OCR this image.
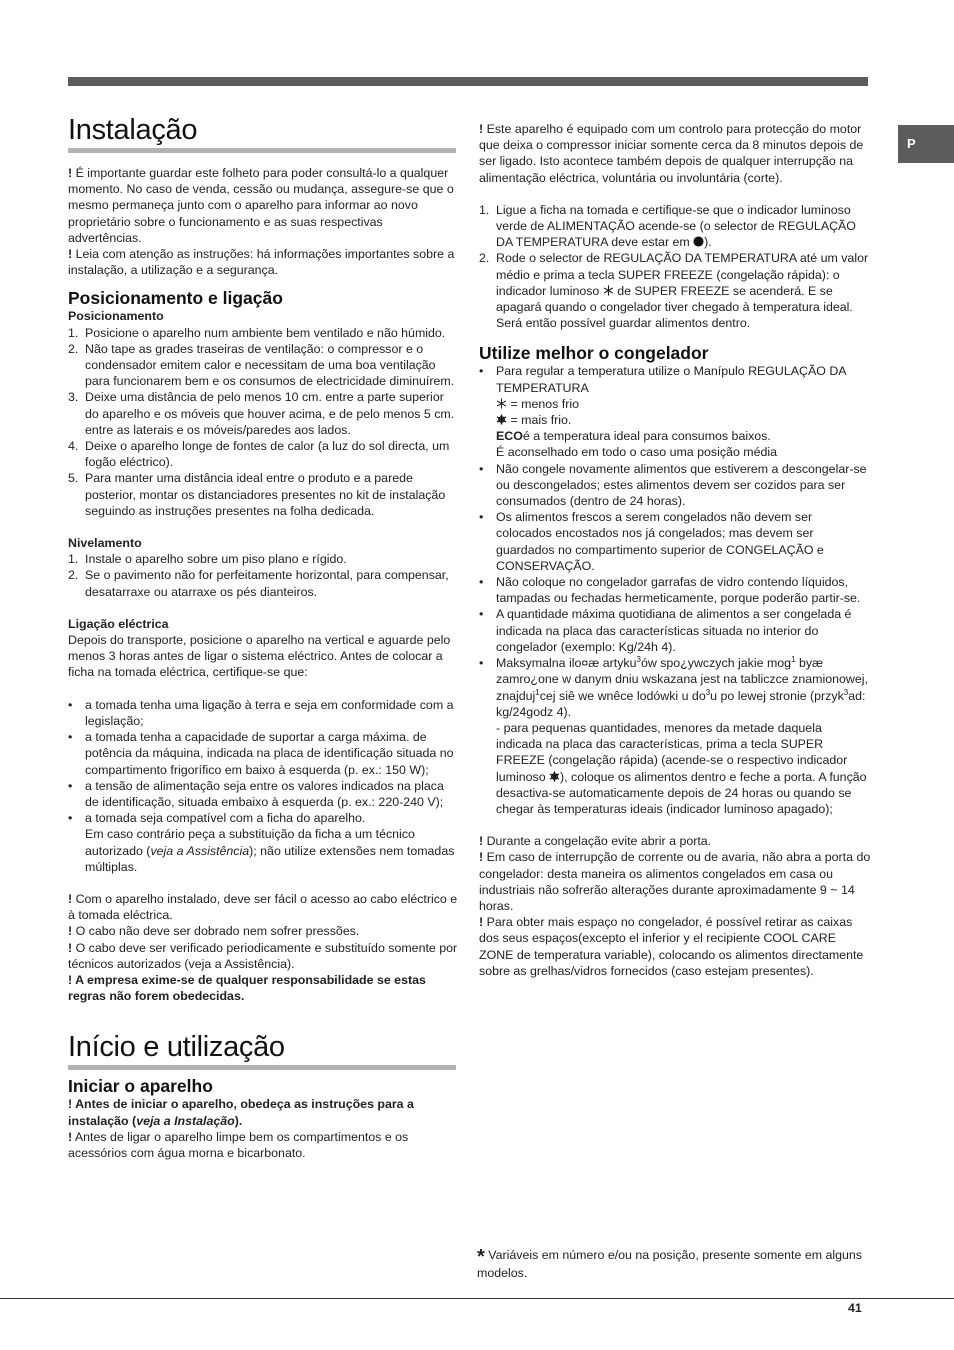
P
Instalação

! É importante guardar este folheto para poder consultá-lo a qualquer momento. No caso de venda, cessão ou mudança, assegure-se que o mesmo permaneça junto com o aparelho para informar ao novo proprietário sobre o funcionamento e as suas respectivas advertências.

! Leia com atenção as instruções: há informações importantes sobre a instalação, a utilização e a segurança.

Posicionamento e ligação

Posicionamento

1. Posicione o aparelho num ambiente bem ventilado e não húmido.
2. Não tape as grades traseiras de ventilação: o compressor e o condensador emitem calor e necessitam de uma boa ventilação para funcionarem bem e os consumos de electricidade diminuírem.
3. Deixe uma distância de pelo menos 10 cm. entre a parte superior do aparelho e os móveis que houver acima, e de pelo menos 5 cm. entre as laterais e os móveis/paredes aos lados.
4. Deixe o aparelho longe de fontes de calor (a luz do sol directa, um fogão eléctrico).
5. Para manter uma distância ideal entre o produto e a parede posterior, montar os distanciadores presentes no kit de instalação seguindo as instruções presentes na folha dedicada.

Nivelamento

1. Instale o aparelho sobre um piso plano e rígido.
2. Se o pavimento não for perfeitamente horizontal, para compensar, desatarraxe ou atarraxe os pés dianteiros.

Ligação eléctrica

Depois do transporte, posicione o aparelho na vertical e aguarde pelo menos 3 horas antes de ligar o sistema eléctrico. Antes de colocar a ficha na tomada eléctrica, certifique-se que:

• a tomada tenha uma ligação à terra e seja em conformidade com a legislação;
• a tomada tenha a capacidade de suportar a carga máxima. de potência da máquina, indicada na placa de identificação situada no compartimento frigorífico em baixo à esquerda (p. ex.: 150 W);
• a tensão de alimentação seja entre os valores indicados na placa de identificação, situada embaixo à esquerda (p. ex.: 220-240 V);
• a tomada seja compatível com a ficha do aparelho.
Em caso contrário peça a substituição da ficha a um técnico autorizado (veja a Assistência); não utilize extensões nem tomadas múltiplas.

! Com o aparelho instalado, deve ser fácil o acesso ao cabo eléctrico e à tomada eléctrica.

! O cabo não deve ser dobrado nem sofrer pressões.

! O cabo deve ser verificado periodicamente e substituído somente por técnicos autorizados (veja a Assistência).

! A empresa exime-se de qualquer responsabilidade se estas regras não forem obedecidas.

Início e utilização
Iniciar o aparelho

! Antes de iniciar o aparelho, obedeça as instruções para a instalação (veja a Instalação).

! Antes de ligar o aparelho limpe bem os compartimentos e os acessórios com água morna e bicarbonato.

! Este aparelho é equipado com um controlo para protecção do motor que deixa o compressor iniciar somente cerca da 8 minutos depois de ser ligado. Isto acontece também depois de qualquer interrupção na alimentação eléctrica, voluntária ou involuntária (corte).

1. Ligue a ficha na tomada e certifique-se que o indicador luminoso verde de ALIMENTAÇÃO acende-se (o selector de REGULAÇÃO DA TEMPERATURA deve estar em ).
2. Rode o selector de REGULAÇÃO DA TEMPERATURA até um valor médio e prima a tecla SUPER FREEZE (congelação rápida): o indicador luminoso  de SUPER FREEZE se acenderá. E se apagará quando o congelador tiver chegado à temperatura ideal. Será então possível guardar alimentos dentro.
Utilize melhor o congelador
• Para regular a temperatura utilize o Manípulo REGULAÇÃO DA TEMPERATURA
= menos frio
= mais frio.
ECOé a temperatura ideal para consumos baixos.
É aconselhado em todo o caso uma posição média
• Não congele novamente alimentos que estiverem a descongelar-se ou descongelados; estes alimentos devem ser cozidos para ser consumados (dentro de 24 horas).
• Os alimentos frescos a serem congelados não devem ser colocados encostados nos já congelados; mas devem ser guardados no compartimento superior de CONGELAÇÃO e CONSERVAÇÃO.
• Não coloque no congelador garrafas de vidro contendo líquidos, tampadas ou fechadas hermeticamente, porque poderão partir-se.
• A quantidade máxima quotidiana de alimentos a ser congelada é indicada na placa das características situada no interior do congelador (exemplo: Kg/24h 4).
• Maksymalna ilo¤æ artyku$^3$ów spo¿ywczych jakie mog$^1$ byæ zamro¿one w danym dniu wskazana jest na tabliczce znamionowej, znajduj$^1$cej siê we wnêce lodówki u $do^3u$ po lewej stronie (przyk$^3$ad: kg/24godz 4).
- para pequenas quantidades, menores da metade daquela indicada na placa das características, prima a tecla SUPER FREEZE (congelação rápida) (acende-se o respectivo indicador luminoso ), coloque os alimentos dentro e feche a porta. A função desactiva-se automaticamente depois de 24 horas ou quando se chegar às temperaturas ideais (indicador luminoso apagado);

! Durante a congelação evite abrir a porta.

! Em caso de interrupção de corrente ou de avaria, não abra a porta do congelador: desta maneira os alimentos congelados em casa ou industriais não sofrerão alterações durante aproximadamente 9 ~ 14 horas.

! Para obter mais espaço no congelador, é possível retirar as caixas dos seus espaços(excepto el inferior y el recipiente COOL CARE ZONE de temperatura variable), colocando os alimentos directamente sobre as grelhas/vidros fornecidos (caso estejam presentes).

* Variáveis em número e/ou na posição, presente somente em alguns modelos.
41
